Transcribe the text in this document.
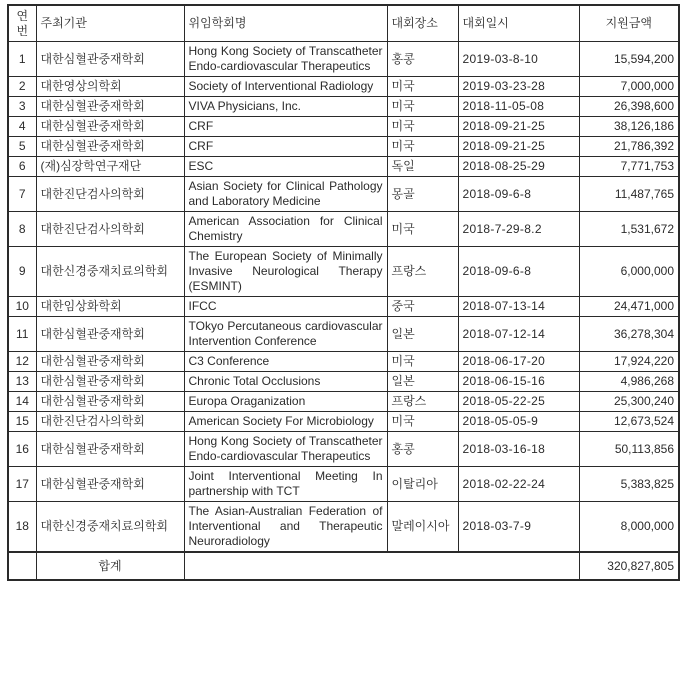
연번	주최기관	위임학회명	대회장소	대회일시	지원금액
1	대한심혈관중재학회	Hong Kong Society of Transcatheter Endo-cardiovascular Therapeutics	홍콩	2019-03-8-10	15,594,200
2	대한영상의학회	Society of Interventional Radiology	미국	2019-03-23-28	7,000,000
3	대한심혈관중재학회	VIVA Physicians, Inc.	미국	2018-11-05-08	26,398,600
4	대한심혈관중재학회	CRF	미국	2018-09-21-25	38,126,186
5	대한심혈관중재학회	CRF	미국	2018-09-21-25	21,786,392
6	(재)심장학연구재단	ESC	독일	2018-08-25-29	7,771,753
7	대한진단검사의학회	Asian Society for Clinical Pathology and Laboratory Medicine	몽골	2018-09-6-8	11,487,765
8	대한진단검사의학회	American Association for Clinical Chemistry	미국	2018-7-29-8.2	1,531,672
9	대한신경중재치료의학회	The European Society of Minimally Invasive Neurological Therapy (ESMINT)	프랑스	2018-09-6-8	6,000,000
10	대한임상화학회	IFCC	중국	2018-07-13-14	24,471,000
11	대한심혈관중재학회	TOkyo Percutaneous cardiovascular Intervention Conference	일본	2018-07-12-14	36,278,304
12	대한심혈관중재학회	C3 Conference	미국	2018-06-17-20	17,924,220
13	대한심혈관중재학회	Chronic Total Occlusions	일본	2018-06-15-16	4,986,268
14	대한심혈관중재학회	Europa Oraganization	프랑스	2018-05-22-25	25,300,240
15	대한진단검사의학회	American Society For Microbiology	미국	2018-05-05-9	12,673,524
16	대한심혈관중재학회	Hong Kong Society of Transcatheter Endo-cardiovascular Therapeutics	홍콩	2018-03-16-18	50,113,856
17	대한심혈관중재학회	Joint Interventional Meeting In partnership with TCT	이탈리아	2018-02-22-24	5,383,825
18	대한신경중재치료의학회	The Asian-Australian Federation of Interventional and Therapeutic Neuroradiology	말레이시아	2018-03-7-9	8,000,000
	합계				320,827,805
